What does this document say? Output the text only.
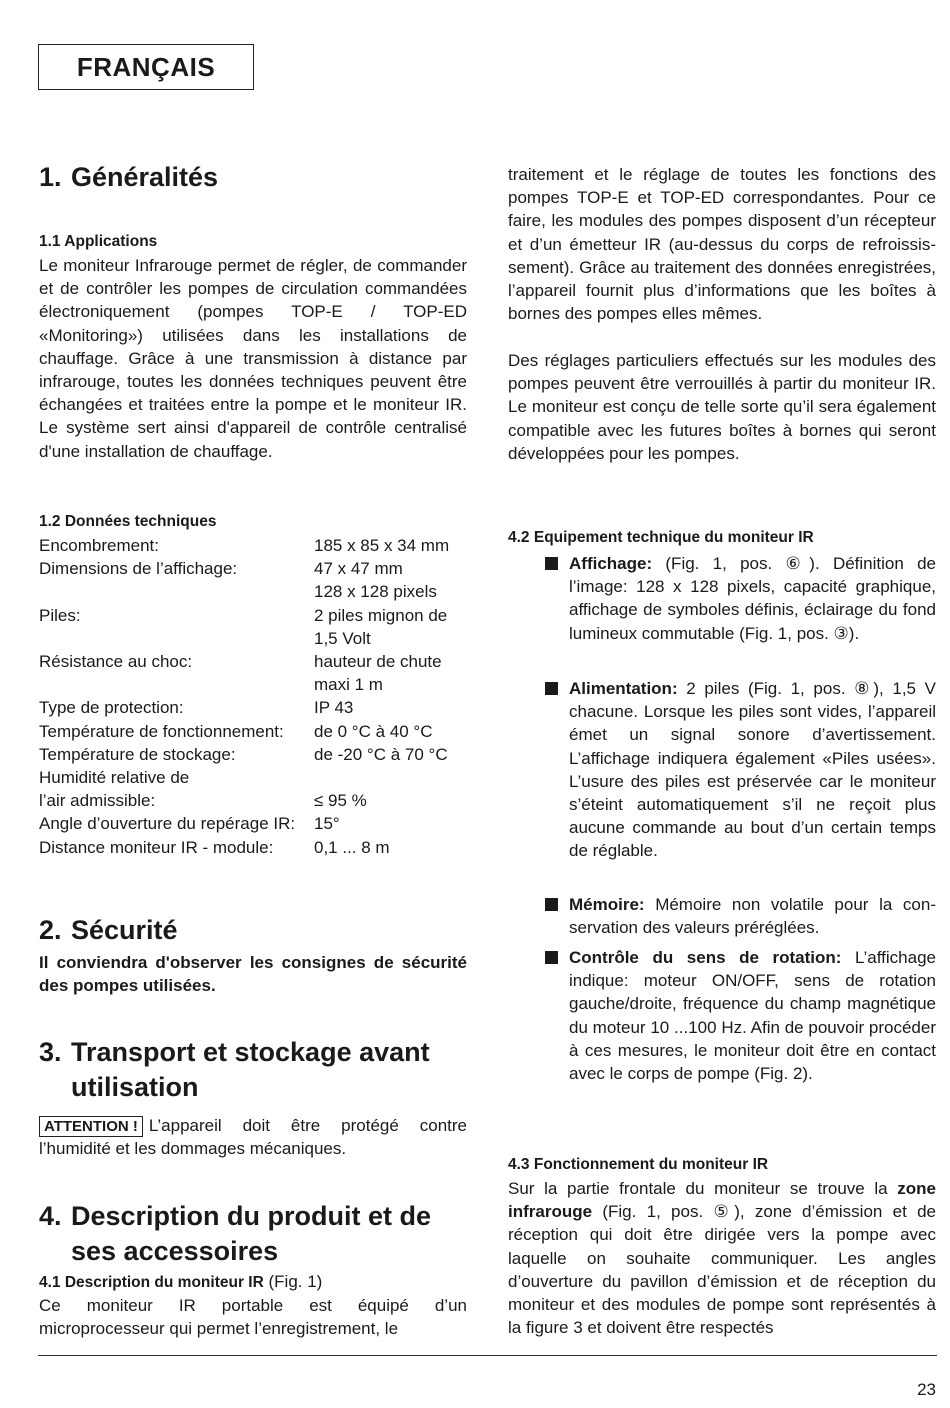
FRANÇAIS
1. Généralités
1.1 Applications

Le moniteur Infrarouge permet de régler, de commander et de contrôler les pompes de circulation commandées électroniquement (pompes TOP-E / TOP-ED «Monitoring») utilisées dans les installations de chauffage. Grâce à une transmission à distance par infrarouge, toutes les données techniques peuvent être échangées et traitées entre la pompe et le moniteur IR. Le système sert ainsi d'appareil de contrôle centralisé d'une installation de chauffage.

1.2 Données techniques
Encombrement:	185 x 85 x 34 mm
Dimensions de l’affichage:	47 x 47 mm
128 x 128 pixels
Piles:	2 piles mignon de
1,5 Volt
Résistance au choc:	hauteur de chute
maxi 1 m
Type de protection:	IP 43
Température de fonctionnement:	de 0 °C à 40 °C
Température de stockage:	de -20 °C à 70 °C
Humidité relative de
l’air admissible:	≤ 95 %
Angle d’ouverture du repérage IR:	15°
Distance moniteur IR - module:	0,1 ... 8 m
2. Sécurité

Il conviendra d'observer les consignes de sécurité des pompes utilisées.

3. Transport et stockage avant
utilisation

ATTENTION ! L’appareil doit être protégé contre l’humidité et les dommages mécaniques.

4. Description du produit et de
ses accessoires
4.1 Description du moniteur IR (Fig. 1)

Ce moniteur IR portable est équipé d’un microprocesseur qui permet l’enregistrement, le

traitement et le réglage de toutes les fonctions des pompes TOP-E et TOP-ED correspondantes. Pour ce faire, les modules des pompes disposent d’un récepteur et d’un émetteur IR (au-dessus du corps de refroississement). Grâce au traitement des données enregistrées, l’appareil fournit plus d’informations que les boîtes à bornes des pompes elles mêmes.

Des réglages particuliers effectués sur les modules des pompes peuvent être verrouillés à partir du moniteur IR. Le moniteur est conçu de telle sorte qu’il sera également compatible avec les futures boîtes à bornes qui seront développées pour les pompes.

4.2 Equipement technique du moniteur IR
Affichage: (Fig. 1, pos. ⑥). Définition de l’image: 128 x 128 pixels, capacité graphique, affichage de symboles définis, éclairage du fond lumineux commutable (Fig. 1, pos. ③).
Alimentation: 2 piles (Fig. 1, pos. ⑧), 1,5 V chacune. Lorsque les piles sont vides, l’appareil émet un signal sonore d’avertissement. L’affichage indiquera également «Piles usées». L’usure des piles est préservée car le moniteur s’éteint automatiquement s’il ne reçoit plus aucune commande au bout d’un certain temps de réglable.
Mémoire: Mémoire non volatile pour la conservation des valeurs préréglées.
Contrôle du sens de rotation: L’affichage indique: moteur ON/OFF, sens de rotation gauche/droite, fréquence du champ magnétique du moteur 10 ...100 Hz. Afin de pouvoir procéder à ces mesures, le moniteur doit être en contact avec le corps de pompe (Fig. 2).
4.3 Fonctionnement du moniteur IR

Sur la partie frontale du moniteur se trouve la zone infrarouge (Fig. 1, pos. ⑤), zone d’émission et de réception qui doit être dirigée vers la pompe avec laquelle on souhaite communiquer. Les angles d’ouverture du pavillon d’émission et de réception du moniteur et des modules de pompe sont représentés à la figure 3 et doivent être respectés

23
